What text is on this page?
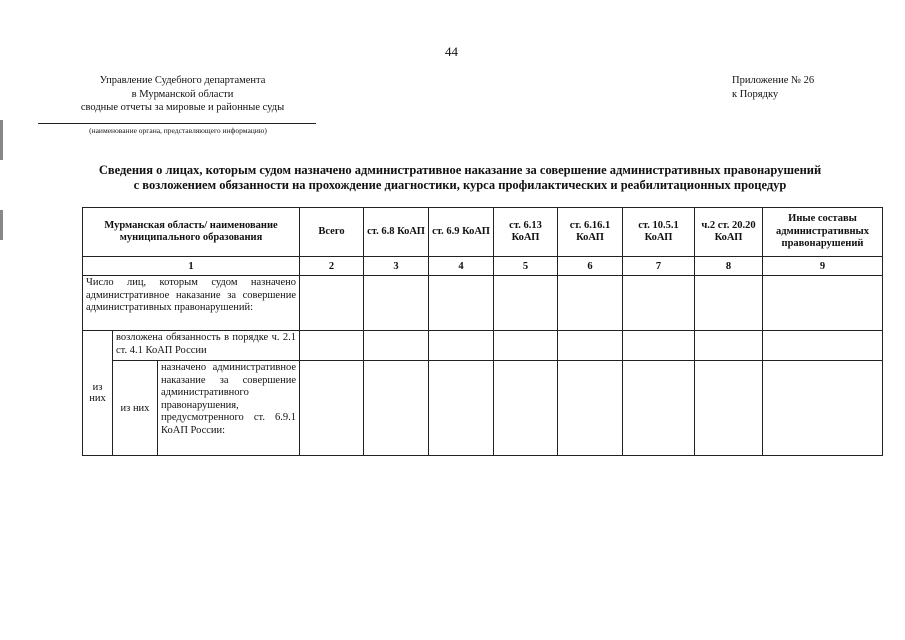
44
Управление Судебного департамента
в Мурманской области
сводные отчеты за мировые и районные суды
(наименование органа, представляющего информацию)
Приложение № 26
к Порядку
Сведения о лицах, которым судом назначено административное наказание за совершение административных правонарушений
с возложением обязанности на прохождение диагностики, курса профилактических и реабилитационных процедур
Мурманская область/ наименование муниципального образования			Всего	ст. 6.8 КоАП	ст. 6.9 КоАП	ст. 6.13 КоАП	ст. 6.16.1 КоАП	ст. 10.5.1 КоАП	ч.2 ст. 20.20 КоАП	Иные составы административных правонарушений
1			2	3	4	5	6	7	8	9
Число лиц, которым судом назначено административное наказание за совершение административных правонарушений:										
из них	возложена обязанность в порядке ч. 2.1 ст. 4.1 КоАП России									
	из них	назначено административное наказание за совершение административного правонарушения, предусмотренного ст. 6.9.1 КоАП России:								
